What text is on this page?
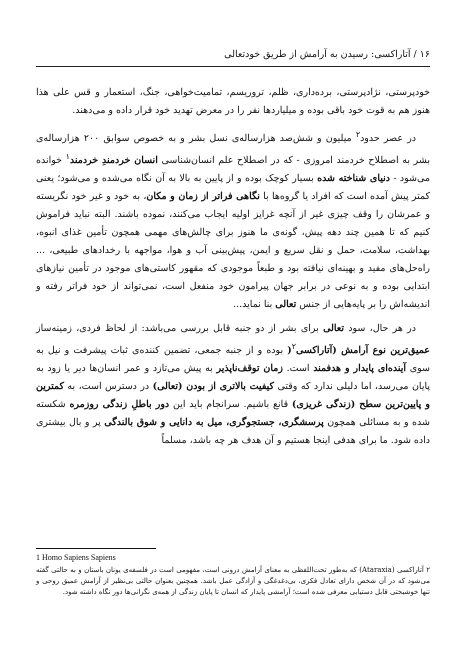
۱۶ / آتاراکسی: رسیدن به آرامش از طریق خودتعالی

خودپرستی، نژادپرستی، برده‌داری، ظلم، تروریسم، تمامیت‌خواهی، جنگ، استعمار و قس علی هذا هنوز هم به قوت خود باقی بوده و میلیاردها نفر را در معرض تهدید خود قرار داده و می‌دهند.

در عصر حدود$^۲$ میلیون و شش‌صد هزارساله‌ی نسل بشر و به خصوص سوابق ۲۰۰ هزارساله‌ی بشر به اصطلاح خردمند امروزی - که در اصطلاح علم انسان‌شناسی انسان خردمندِ خردمند$^۱$ خوانده می‌شود - دنیای شناخته شده بسیار کوچک بوده و از پایین به بالا به آن نگاه می‌شده و می‌شود؛ یعنی کمتر پیش آمده است که افراد یا گروه‌ها با نگاهی فراتر از زمان و مکان، به خود و غیر خود نگریسته و عمرشان را وقف چیزی غیر از آنچه غرایز اولیه ایجاب می‌کنند، نموده باشند. البته نباید فراموش کنیم که تا همین چند دهه پیش، گونه‌ی ما هنوز برای چالش‌های مهمی همچون تأمین غذای انبوه، بهداشت، سلامت، حمل و نقل سریع و ایمن، پیش‌بینی آب و هوا، مواجهه با رخدادهای طبیعی، ... راه‌حل‌های مفید و بهینه‌ای نیافته بود و طبعاً موجودی که مقهور کاستی‌های موجود در تأمین نیازهای ابتدایی بوده و به نوعی در برابر جهان پیرامون خود منفعل است، نمی‌تواند از خود فراتر رفته و اندیشه‌اش را بر پایه‌هایی از جنس تعالی بنا نماید...

در هر حال، سود تعالی برای بشر از دو جنبه قابل بررسی می‌باشد: از لحاظ فردی، زمینه‌ساز عمیق‌ترین نوع آرامش (آتاراکسی$^۲$( بوده و از جنبه جمعی، تضمین کننده‌ی ثبات پیشرفت و نیل به سوی آینده‌ای پایدار و هدفمند است. زمان توقف‌ناپذیر به پیش می‌تازد و عمر انسان‌ها دیر یا زود به پایان می‌رسد، اما دلیلی ندارد که وقتی کیفیت بالاتری از بودن (تعالی) در دسترس است، به کمترین و پایین‌ترین سطح (زندگی غریزی) قانع باشیم. سرانجام باید این دور باطلِ زندگی روزمره شکسته شده و به مسائلی همچون پرسشگری، جستجوگری، میل به دانایی و شوق بالندگی پر و بال بیشتری داده شود. ما برای هدفی اینجا هستیم و آن هدف هر چه باشد، مسلماً

1 Homo Sapiens Sapiens
۲ آتاراکسی (Ataraxia) که به‌طور تحت‌اللفظی به معنای آرامش درونی است، مفهومی است در فلسفه‌ی یونان باستان و به حالتی گفته می‌شود که در آن شخص دارای تعادل فکری، بی‌دغدغگی و آزادگی عمل باشد. همچنین بعنوان حالتی بی‌نظیر از آرامش عمیق روحی و تنها خوشبختی قابل دستیابی معرفی شده است؛ آرامشی پایدار که انسان تا پایان زندگی از همه‌ی نگرانی‌ها دور نگاه داشته شود.
